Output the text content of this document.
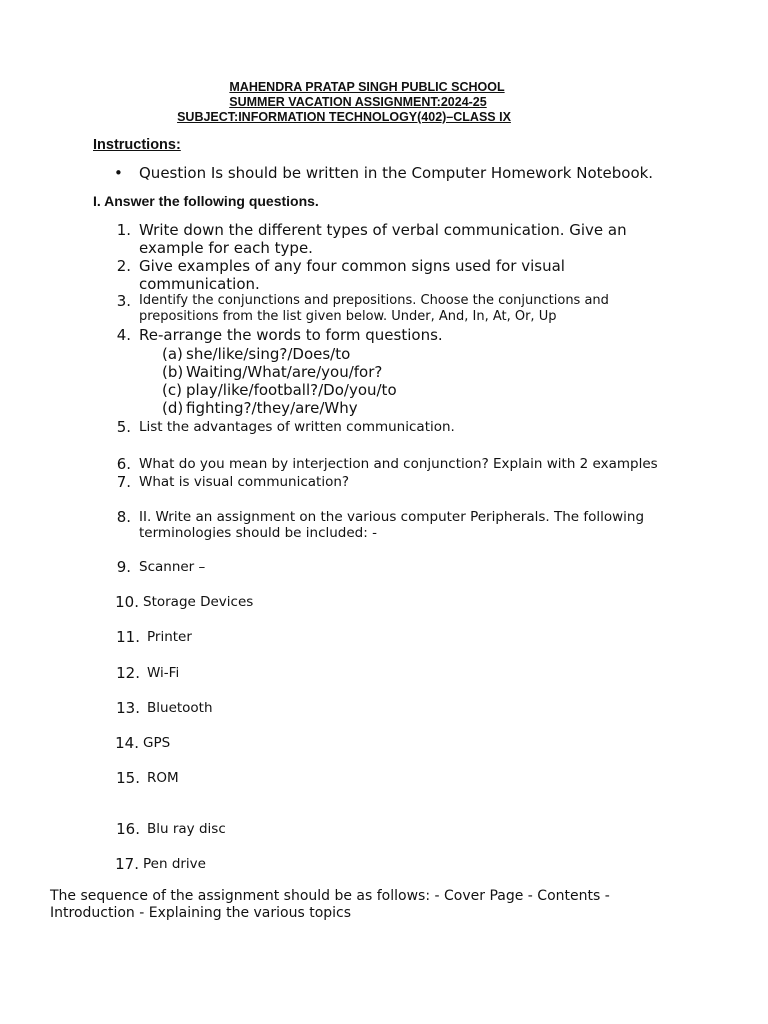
MAHENDRA PRATAP SINGH PUBLIC SCHOOL
SUMMER VACATION ASSIGNMENT:2024-25
SUBJECT:INFORMATION TECHNOLOGY(402)–CLASS IX
Instructions:
• Question Is should be written in the Computer Homework Notebook.
I. Answer the following questions.
1. Write down the different types of verbal communication. Give an example for each type.
2. Give examples of any four common signs used for visual communication.
3. Identify the conjunctions and prepositions. Choose the conjunctions and prepositions from the list given below. Under, And, In, At, Or, Up
4. Re-arrange the words to form questions.
(a) she/like/sing?/Does/to
(b) Waiting/What/are/you/for?
(c) play/like/football?/Do/you/to
(d) fighting?/they/are/Why
5. List the advantages of written communication.
6. What do you mean by interjection and conjunction? Explain with 2 examples
7. What is visual communication?
8. II. Write an assignment on the various computer Peripherals. The following terminologies should be included: -
9. Scanner –
10. Storage Devices
11. Printer
12. Wi-Fi
13. Bluetooth
14. GPS
15. ROM
16. Blu ray disc
17. Pen drive
The sequence of the assignment should be as follows: - Cover Page - Contents - Introduction - Explaining the various topics
